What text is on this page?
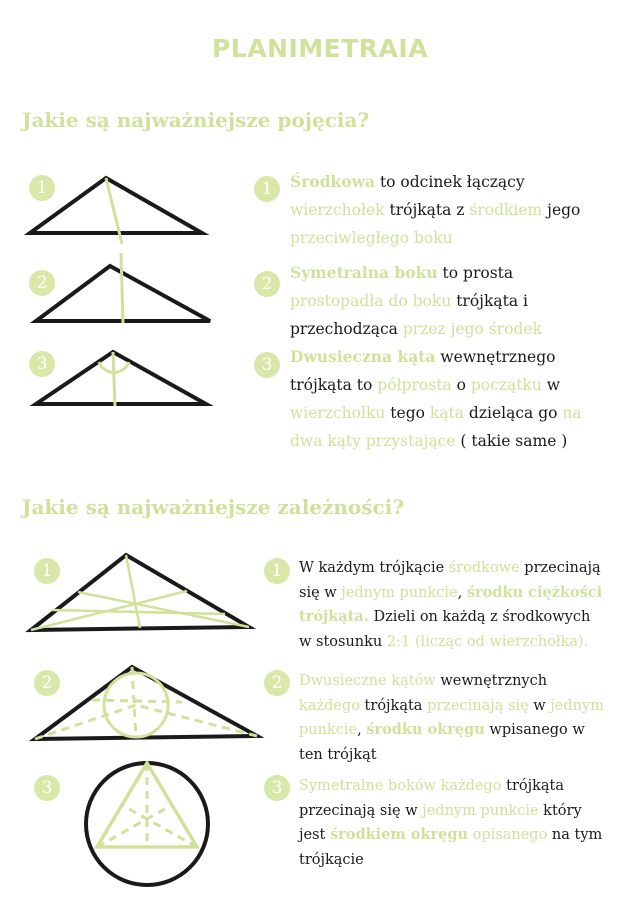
PLANIMETRAIA
Jakie są najważniejsze pojęcia?
1
2
3
1
2
3
Środkowa to odcinek łączący
wierzchołek trójkąta z środkiem jego
przeciwległego boku
Symetralna boku to prosta
prostopadła do boku trójkąta i
przechodząca przez jego środek
Dwusieczna kąta wewnętrznego
trójkąta to półprosta o początku w
wierzchołku tego kąta dzieląca go na
dwa kąty przystające ( takie same )
Jakie są najważniejsze zależności?
1
2
3
1
2
3
W każdym trójkącie środkowe przecinają
się w jednym punkcie, środku ciężkości
trójkąta. Dzieli on każdą z środkowych
w stosunku 2:1 (licząc od wierzchołka).
Dwusieczne kątów wewnętrznych
każdego trójkąta przecinają się w jednym
punkcie, środku okręgu wpisanego w
ten trójkąt
Symetralne boków każdego trójkąta
przecinają się w jednym punkcie który
jest środkiem okręgu opisanego na tym
trójkącie
